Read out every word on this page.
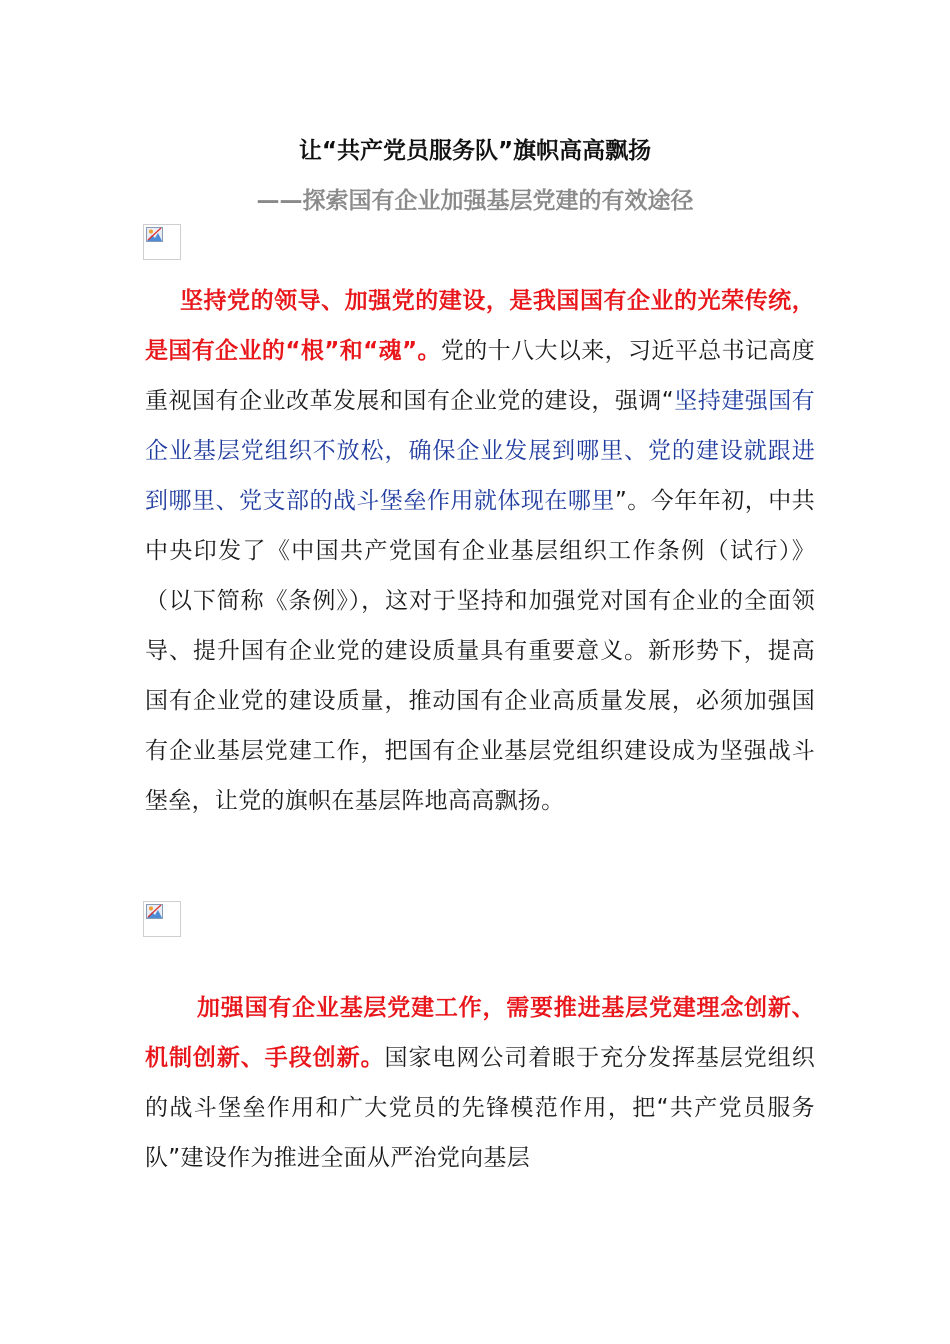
让“共产党员服务队”旗帜高高飘扬
——探索国有企业加强基层党建的有效途径

坚持党的领导、加强党的建设，是我国国有企业的光荣传统，是国有企业的“根”和“魂”。党的十八大以来，习近平总书记高度重视国有企业改革发展和国有企业党的建设，强调“坚持建强国有企业基层党组织不放松，确保企业发展到哪里、党的建设就跟进到哪里、党支部的战斗堡垒作用就体现在哪里”。今年年初，中共中央印发了《中国共产党国有企业基层组织工作条例（试行）》（以下简称《条例》），这对于坚持和加强党对国有企业的全面领导、提升国有企业党的建设质量具有重要意义。新形势下，提高国有企业党的建设质量，推动国有企业高质量发展，必须加强国有企业基层党建工作，把国有企业基层党组织建设成为坚强战斗堡垒，让党的旗帜在基层阵地高高飘扬。

加强国有企业基层党建工作，需要推进基层党建理念创新、机制创新、手段创新。国家电网公司着眼于充分发挥基层党组织的战斗堡垒作用和广大党员的先锋模范作用，把“共产党员服务队”建设作为推进全面从严治党向基层
